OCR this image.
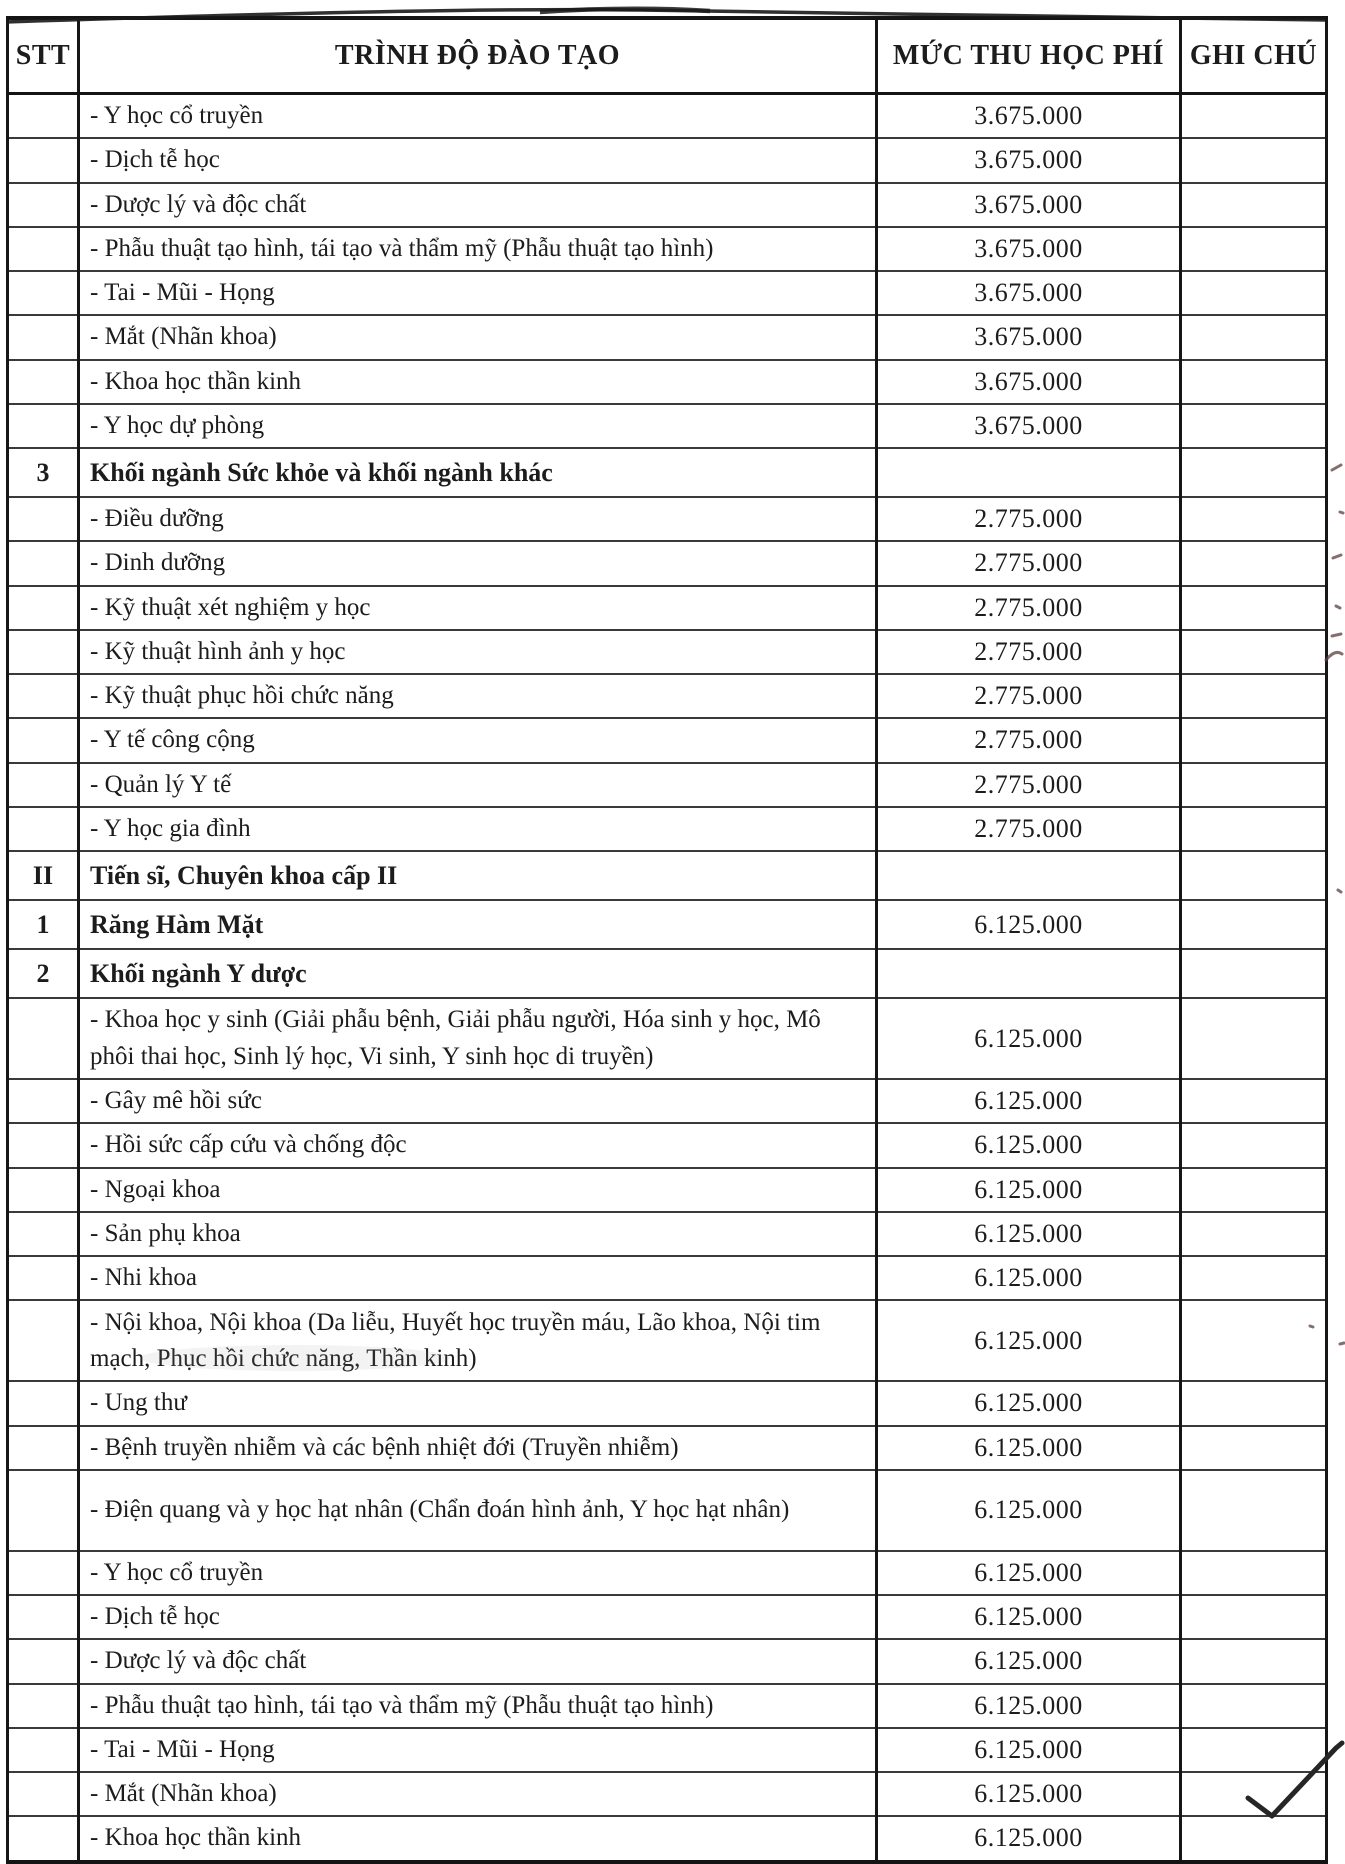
STT	TRÌNH ĐỘ ĐÀO TẠO	MỨC THU HỌC PHÍ	GHI CHÚ
	- Y học cổ truyền	3.675.000	
	- Dịch tễ học	3.675.000	
	- Dược lý và độc chất	3.675.000	
	- Phẫu thuật tạo hình, tái tạo và thẩm mỹ (Phẫu thuật tạo hình)	3.675.000	
	- Tai - Mũi - Họng	3.675.000	
	- Mắt (Nhãn khoa)	3.675.000	
	- Khoa học thần kinh	3.675.000	
	- Y học dự phòng	3.675.000	
3	Khối ngành Sức khỏe và khối ngành khác		
	- Điều dưỡng	2.775.000	
	- Dinh dưỡng	2.775.000	
	- Kỹ thuật xét nghiệm y học	2.775.000	
	- Kỹ thuật hình ảnh y học	2.775.000	
	- Kỹ thuật phục hồi chức năng	2.775.000	
	- Y tế công cộng	2.775.000	
	- Quản lý Y tế	2.775.000	
	- Y học gia đình	2.775.000	
II	Tiến sĩ, Chuyên khoa cấp II		
1	Răng Hàm Mặt	6.125.000	
2	Khối ngành Y dược		
	- Khoa học y sinh (Giải phẫu bệnh, Giải phẫu người, Hóa sinh y học, Mô phôi thai học, Sinh lý học, Vi sinh, Y sinh học di truyền)	6.125.000	
	- Gây mê hồi sức	6.125.000	
	- Hồi sức cấp cứu và chống độc	6.125.000	
	- Ngoại khoa	6.125.000	
	- Sản phụ khoa	6.125.000	
	- Nhi khoa	6.125.000	
	- Nội khoa, Nội khoa (Da liễu, Huyết học truyền máu, Lão khoa, Nội tim mạch, Phục hồi chức năng, Thần kinh)	6.125.000	
	- Ung thư	6.125.000	
	- Bệnh truyền nhiễm và các bệnh nhiệt đới (Truyền nhiễm)	6.125.000	
	- Điện quang và y học hạt nhân (Chẩn đoán hình ảnh, Y học hạt nhân)	6.125.000	
	- Y học cổ truyền	6.125.000	
	- Dịch tễ học	6.125.000	
	- Dược lý và độc chất	6.125.000	
	- Phẫu thuật tạo hình, tái tạo và thẩm mỹ (Phẫu thuật tạo hình)	6.125.000	
	- Tai - Mũi - Họng	6.125.000	
	- Mắt (Nhãn khoa)	6.125.000	
	- Khoa học thần kinh	6.125.000	
